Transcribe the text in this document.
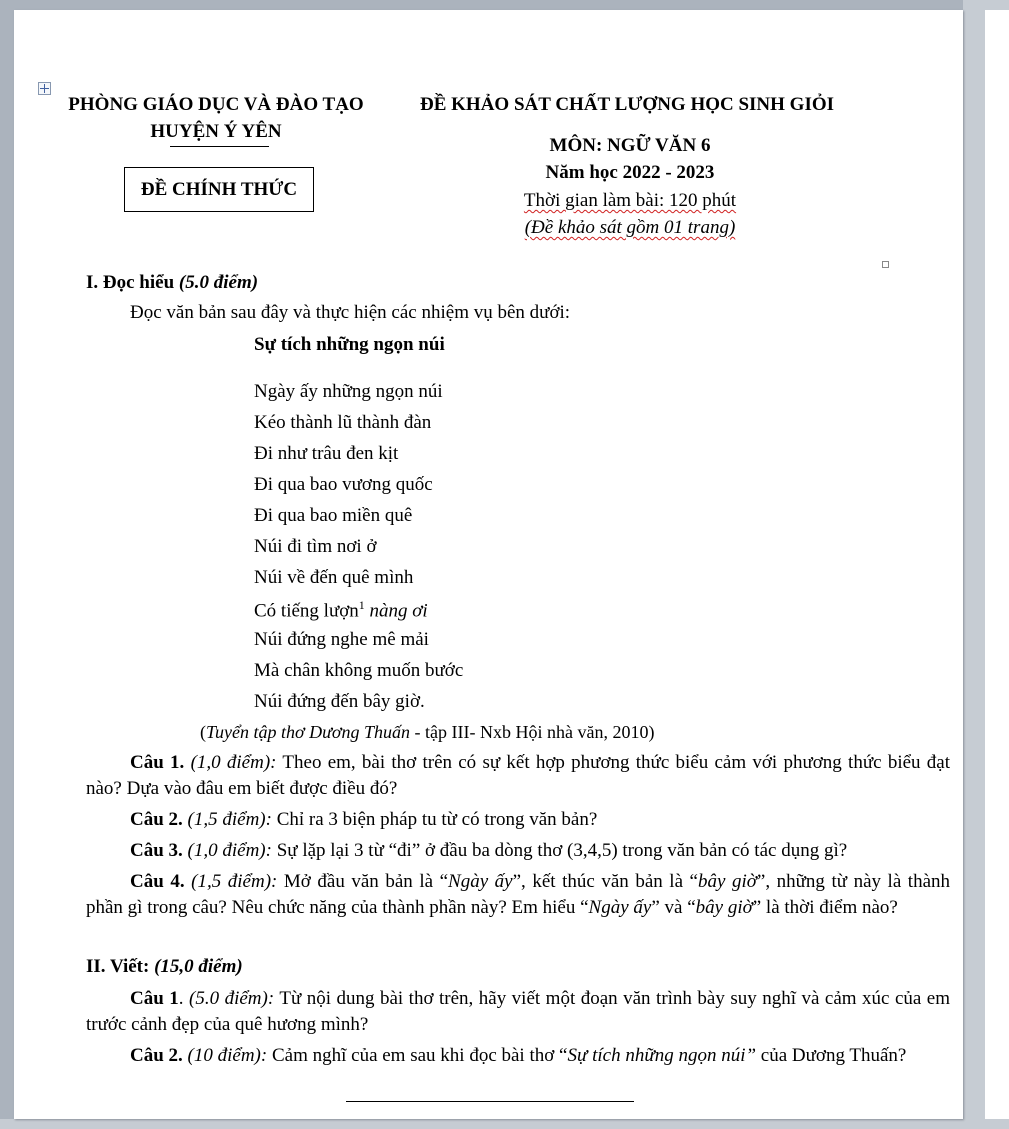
PHÒNG GIÁO DỤC VÀ ĐÀO TẠO
HUYỆN Ý YÊN
ĐỀ CHÍNH THỨC
ĐỀ KHẢO SÁT CHẤT LƯỢNG HỌC SINH GIỎI
MÔN: NGỮ VĂN 6
Năm học 2022 - 2023
Thời gian làm bài: 120 phút
(Đề khảo sát gồm 01 trang)
I. Đọc hiểu (5.0 điểm)
Đọc văn bản sau đây và thực hiện các nhiệm vụ bên dưới:
Sự tích những ngọn núi
Ngày ấy những ngọn núi
Kéo thành lũ thành đàn
Đi như trâu đen kịt
Đi qua bao vương quốc
Đi qua bao miền quê
Núi đi tìm nơi ở
Núi về đến quê mình
Có tiếng lượn$^1$ nàng ơi
Núi đứng nghe mê mải
Mà chân không muốn bước
Núi đứng đến bây giờ.
(Tuyển tập thơ Dương Thuấn - tập III- Nxb Hội nhà văn, 2010)
Câu 1. (1,0 điểm): Theo em, bài thơ trên có sự kết hợp phương thức biểu cảm với phương thức biểu đạt nào? Dựa vào đâu em biết được điều đó?
Câu 2. (1,5 điểm): Chỉ ra 3 biện pháp tu từ có trong văn bản?
Câu 3. (1,0 điểm): Sự lặp lại 3 từ “đi” ở đầu ba dòng thơ (3,4,5) trong văn bản có tác dụng gì?
Câu 4. (1,5 điểm): Mở đầu văn bản là “Ngày ấy”, kết thúc văn bản là “bây giờ”, những từ này là thành phần gì trong câu? Nêu chức năng của thành phần này? Em hiểu “Ngày ấy” và “bây giờ” là thời điểm nào?
II. Viết: (15,0 điểm)
Câu 1. (5.0 điểm): Từ nội dung bài thơ trên, hãy viết một đoạn văn trình bày suy nghĩ và cảm xúc của em trước cảnh đẹp của quê hương mình?
Câu 2. (10 điểm): Cảm nghĩ của em sau khi đọc bài thơ “Sự tích những ngọn núi” của Dương Thuấn?
